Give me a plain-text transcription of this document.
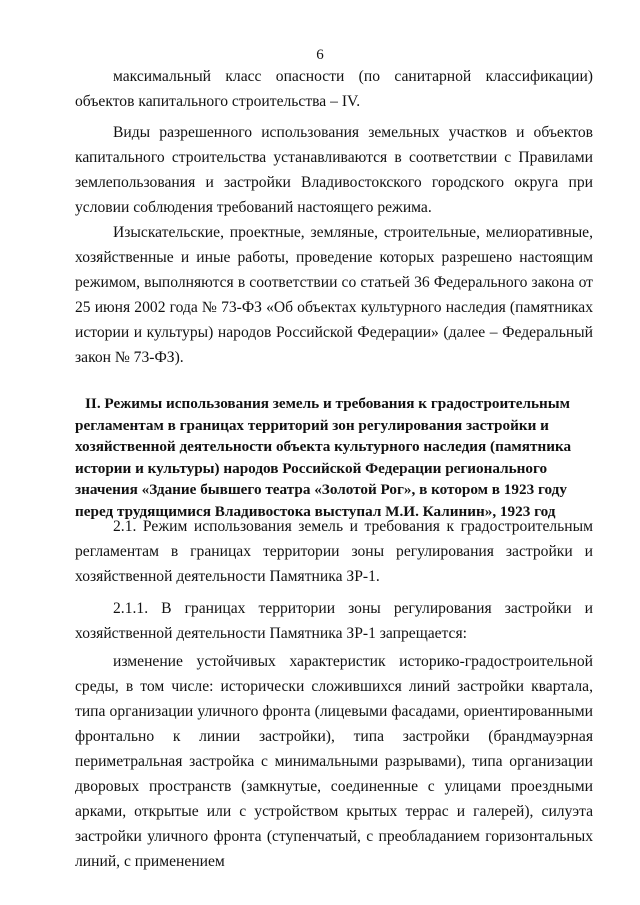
6

максимальный класс опасности (по санитарной классификации) объектов капитального строительства – IV.

Виды разрешенного использования земельных участков и объектов капитального строительства устанавливаются в соответствии с Правилами землепользования и застройки Владивостокского городского округа при условии соблюдения требований настоящего режима.

Изыскательские, проектные, земляные, строительные, мелиоративные, хозяйственные и иные работы, проведение которых разрешено настоящим режимом, выполняются в соответствии со статьей 36 Федерального закона от 25 июня 2002 года № 73-ФЗ «Об объектах культурного наследия (памятниках истории и культуры) народов Российской Федерации» (далее – Федеральный закон № 73-ФЗ).

II. Режимы использования земель и требования к градостроительным
регламентам в границах территорий зон регулирования застройки и
хозяйственной деятельности объекта культурного наследия (памятника
истории и культуры) народов Российской Федерации регионального
значения «Здание бывшего театра «Золотой Рог», в котором в 1923 году
перед трудящимися Владивостока выступал М.И. Калинин», 1923 год

2.1. Режим использования земель и требования к градостроительным регламентам в границах территории зоны регулирования застройки и хозяйственной деятельности Памятника ЗР-1.

2.1.1. В границах территории зоны регулирования застройки и хозяйственной деятельности Памятника ЗР-1 запрещается:

изменение устойчивых характеристик историко-градостроительной среды, в том числе: исторически сложившихся линий застройки квартала, типа организации уличного фронта (лицевыми фасадами, ориентированными фронтально к линии застройки), типа застройки (брандмауэрная периметральная застройка с минимальными разрывами), типа организации дворовых пространств (замкнутые, соединенные с улицами проездными арками, открытые или с устройством крытых террас и галерей), силуэта застройки уличного фронта (ступенчатый, с преобладанием горизонтальных линий, с применением
